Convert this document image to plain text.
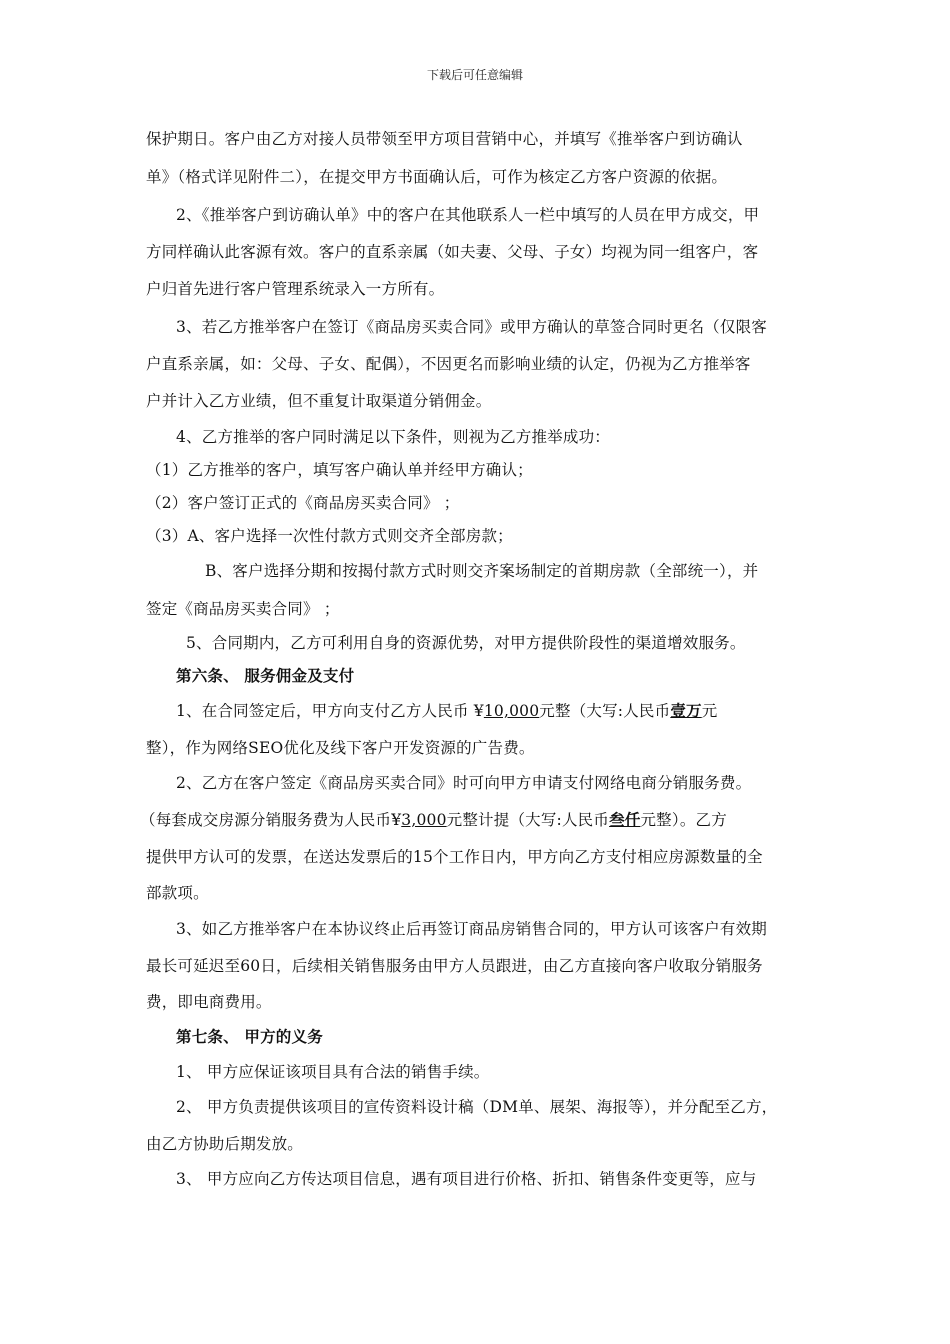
下载后可任意编辑
保护期日。客户由乙方对接人员带领至甲方项目营销中心，并填写《推举客户到访确认
单》（格式详见附件二），在提交甲方书面确认后，可作为核定乙方客户资源的依据。
2、《推举客户到访确认单》中的客户在其他联系人一栏中填写的人员在甲方成交，甲
方同样确认此客源有效。客户的直系亲属（如夫妻、父母、子女）均视为同一组客户，客
户归首先进行客户管理系统录入一方所有。
3、若乙方推举客户在签订《商品房买卖合同》或甲方确认的草签合同时更名（仅限客
户直系亲属，如：父母、子女、配偶），不因更名而影响业绩的认定，仍视为乙方推举客
户并计入乙方业绩，但不重复计取渠道分销佣金。
4、乙方推举的客户同时满足以下条件，则视为乙方推举成功：
（1）乙方推举的客户，填写客户确认单并经甲方确认；
（2）客户签订正式的《商品房买卖合同》 ；
（3）A、客户选择一次性付款方式则交齐全部房款；
B、客户选择分期和按揭付款方式时则交齐案场制定的首期房款（全部统一），并
签定《商品房买卖合同》 ；
5、合同期内，乙方可利用自身的资源优势，对甲方提供阶段性的渠道增效服务。
第六条、 服务佣金及支付
1、在合同签定后，甲方向支付乙方人民币 ¥10,000元整（大写:人民币壹万元
整），作为网络SEO优化及线下客户开发资源的广告费。
2、乙方在客户签定《商品房买卖合同》时可向甲方申请支付网络电商分销服务费。
（每套成交房源分销服务费为人民币¥3,000元整计提（大写:人民币叁仟元整）。乙方
提供甲方认可的发票，在送达发票后的15个工作日内，甲方向乙方支付相应房源数量的全
部款项。
3、如乙方推举客户在本协议终止后再签订商品房销售合同的，甲方认可该客户有效期
最长可延迟至60日，后续相关销售服务由甲方人员跟进，由乙方直接向客户收取分销服务
费，即电商费用。
第七条、 甲方的义务
1、 甲方应保证该项目具有合法的销售手续。
2、 甲方负责提供该项目的宣传资料设计稿（DM单、展架、海报等），并分配至乙方，
由乙方协助后期发放。
3、 甲方应向乙方传达项目信息，遇有项目进行价格、折扣、销售条件变更等，应与
